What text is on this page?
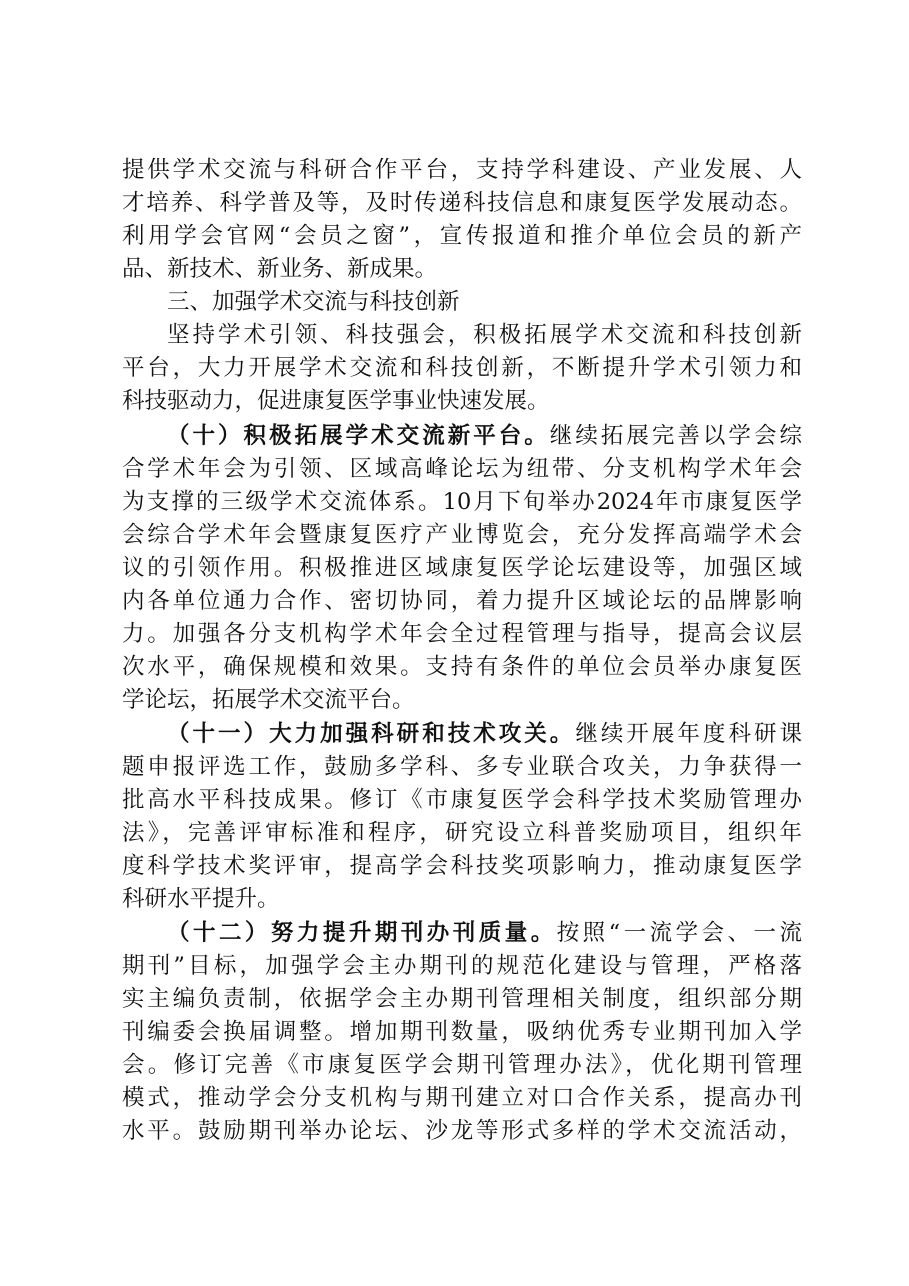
提供学术交流与科研合作平台，支持学科建设、产业发展、人
才培养、科学普及等，及时传递科技信息和康复医学发展动态。
利用学会官网“会员之窗”，宣传报道和推介单位会员的新产
品、新技术、新业务、新成果。
三、加强学术交流与科技创新
坚持学术引领、科技强会，积极拓展学术交流和科技创新
平台，大力开展学术交流和科技创新，不断提升学术引领力和
科技驱动力，促进康复医学事业快速发展。
（十）积极拓展学术交流新平台。继续拓展完善以学会综
合学术年会为引领、区域高峰论坛为纽带、分支机构学术年会
为支撑的三级学术交流体系。10月下旬举办2024年市康复医学
会综合学术年会暨康复医疗产业博览会，充分发挥高端学术会
议的引领作用。积极推进区域康复医学论坛建设等，加强区域
内各单位通力合作、密切协同，着力提升区域论坛的品牌影响
力。加强各分支机构学术年会全过程管理与指导，提高会议层
次水平，确保规模和效果。支持有条件的单位会员举办康复医
学论坛，拓展学术交流平台。
（十一）大力加强科研和技术攻关。继续开展年度科研课
题申报评选工作，鼓励多学科、多专业联合攻关，力争获得一
批高水平科技成果。修订《市康复医学会科学技术奖励管理办
法》，完善评审标准和程序，研究设立科普奖励项目，组织年
度科学技术奖评审，提高学会科技奖项影响力，推动康复医学
科研水平提升。
（十二）努力提升期刊办刊质量。按照“一流学会、一流
期刊”目标，加强学会主办期刊的规范化建设与管理，严格落
实主编负责制，依据学会主办期刊管理相关制度，组织部分期
刊编委会换届调整。增加期刊数量，吸纳优秀专业期刊加入学
会。修订完善《市康复医学会期刊管理办法》，优化期刊管理
模式，推动学会分支机构与期刊建立对口合作关系，提高办刊
水平。鼓励期刊举办论坛、沙龙等形式多样的学术交流活动，
